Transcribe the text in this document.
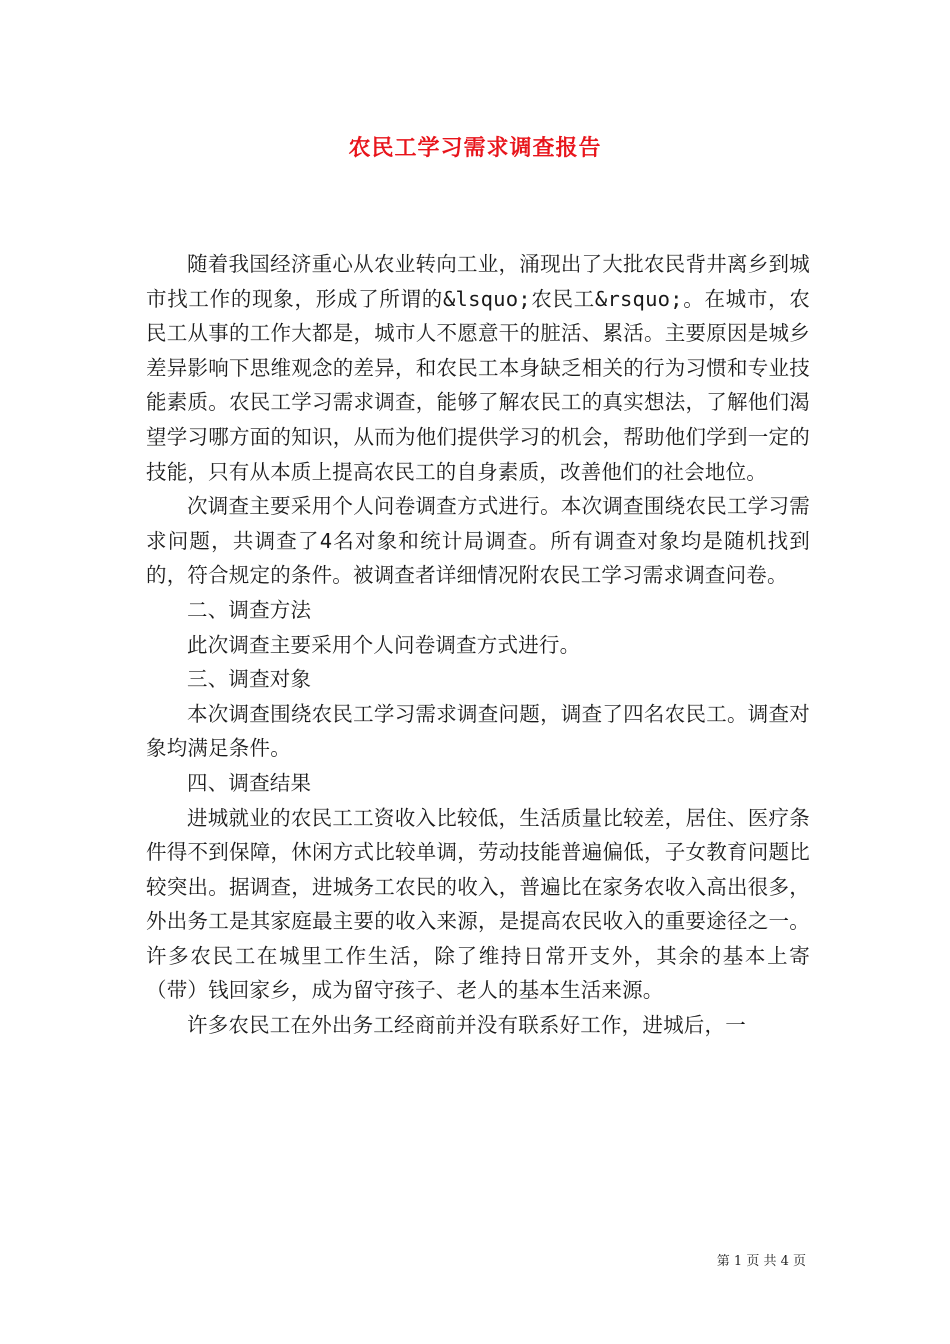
农民工学习需求调查报告

随着我国经济重心从农业转向工业，涌现出了大批农民背井离乡到城市找工作的现象，形成了所谓的&lsquo;农民工&rsquo;。在城市，农民工从事的工作大都是，城市人不愿意干的脏活、累活。主要原因是城乡差异影响下思维观念的差异，和农民工本身缺乏相关的行为习惯和专业技能素质。农民工学习需求调查，能够了解农民工的真实想法，了解他们渴望学习哪方面的知识，从而为他们提供学习的机会，帮助他们学到一定的技能，只有从本质上提高农民工的自身素质，改善他们的社会地位。

次调查主要采用个人问卷调查方式进行。本次调查围绕农民工学习需求问题，共调查了4名对象和统计局调查。所有调查对象均是随机找到的，符合规定的条件。被调查者详细情况附农民工学习需求调查问卷。

二、调查方法

此次调查主要采用个人问卷调查方式进行。

三、调查对象

本次调查围绕农民工学习需求调查问题，调查了四名农民工。调查对象均满足条件。

四、调查结果

进城就业的农民工工资收入比较低，生活质量比较差，居住、医疗条件得不到保障，休闲方式比较单调，劳动技能普遍偏低，子女教育问题比较突出。据调查，进城务工农民的收入，普遍比在家务农收入高出很多，外出务工是其家庭最主要的收入来源，是提高农民收入的重要途径之一。许多农民工在城里工作生活，除了维持日常开支外，其余的基本上寄（带）钱回家乡，成为留守孩子、老人的基本生活来源。

许多农民工在外出务工经商前并没有联系好工作，进城后，一

第 1 页 共 4 页
